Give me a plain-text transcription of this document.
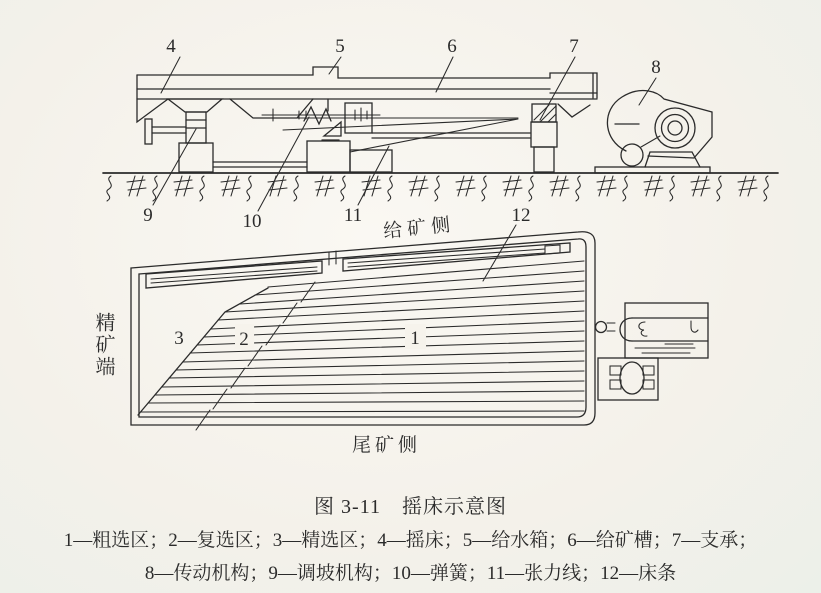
4	5	6	7
8
9	10	11
3	2	1
12
给矿侧
尾矿侧
精矿端
图 3-11　摇床示意图
1—粗选区；2—复选区；3—精选区；4—摇床；5—给水箱；6—给矿槽；7—支承；
8—传动机构；9—调坡机构；10—弹簧；11—张力线；12—床条
